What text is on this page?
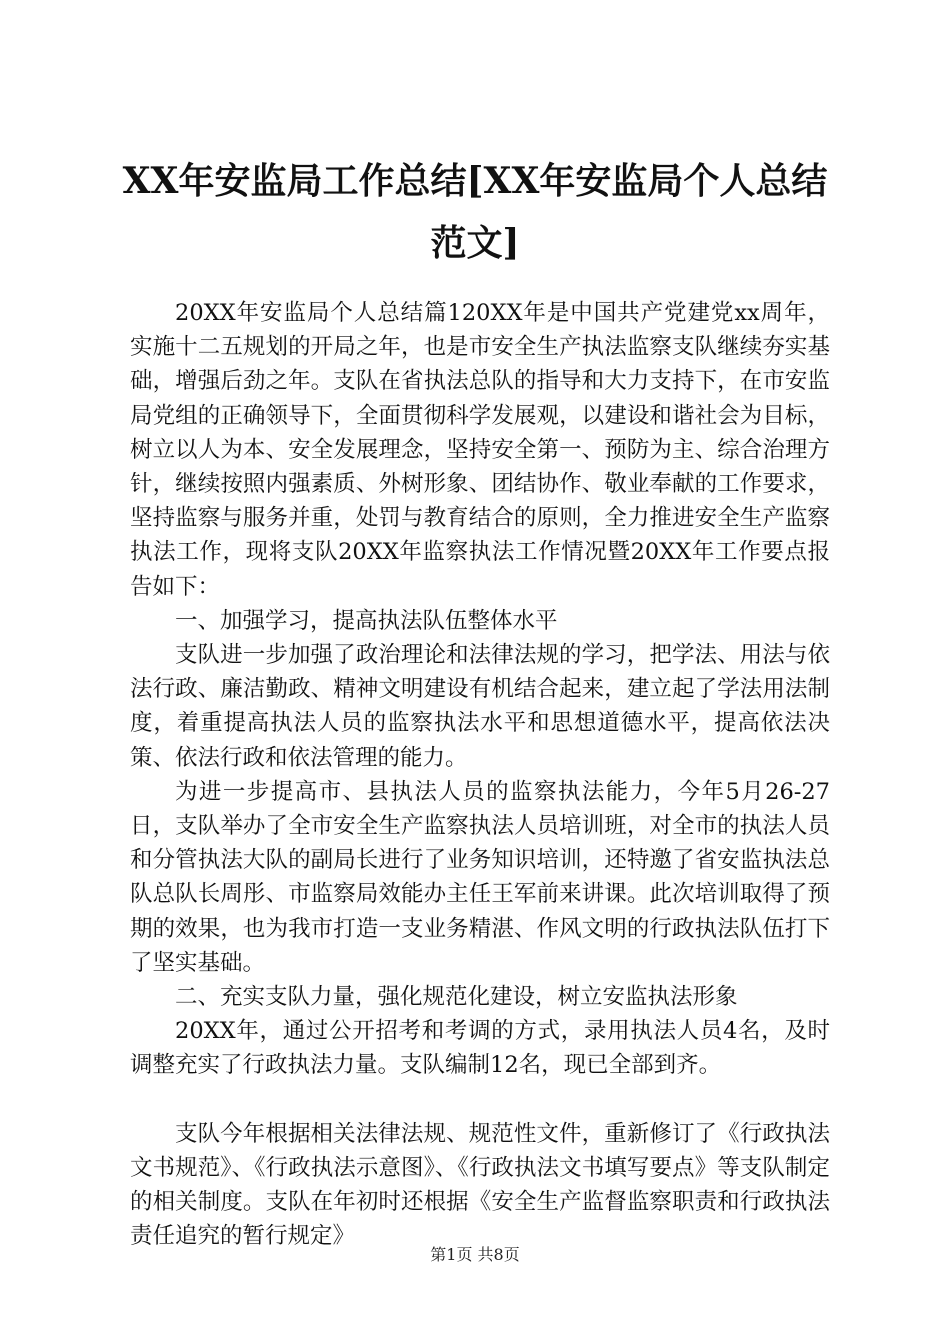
XX年安监局工作总结[XX年安监局个人总结范文]

20XX年安监局个人总结篇120XX年是中国共产党建党xx周年，实施十二五规划的开局之年，也是市安全生产执法监察支队继续夯实基础，增强后劲之年。支队在省执法总队的指导和大力支持下，在市安监局党组的正确领导下，全面贯彻科学发展观，以建设和谐社会为目标，树立以人为本、安全发展理念，坚持安全第一、预防为主、综合治理方针，继续按照内强素质、外树形象、团结协作、敬业奉献的工作要求，坚持监察与服务并重，处罚与教育结合的原则，全力推进安全生产监察执法工作，现将支队20XX年监察执法工作情况暨20XX年工作要点报告如下：

一、加强学习，提高执法队伍整体水平

支队进一步加强了政治理论和法律法规的学习，把学法、用法与依法行政、廉洁勤政、精神文明建设有机结合起来，建立起了学法用法制度，着重提高执法人员的监察执法水平和思想道德水平，提高依法决策、依法行政和依法管理的能力。

为进一步提高市、县执法人员的监察执法能力，今年5月26-27日，支队举办了全市安全生产监察执法人员培训班，对全市的执法人员和分管执法大队的副局长进行了业务知识培训，还特邀了省安监执法总队总队长周彤、市监察局效能办主任王军前来讲课。此次培训取得了预期的效果，也为我市打造一支业务精湛、作风文明的行政执法队伍打下了坚实基础。

二、充实支队力量，强化规范化建设，树立安监执法形象

20XX年，通过公开招考和考调的方式，录用执法人员4名，及时调整充实了行政执法力量。支队编制12名，现已全部到齐。

支队今年根据相关法律法规、规范性文件，重新修订了《行政执法文书规范》、《行政执法示意图》、《行政执法文书填写要点》等支队制定的相关制度。支队在年初时还根据《安全生产监督监察职责和行政执法责任追究的暂行规定》

第1页 共8页
